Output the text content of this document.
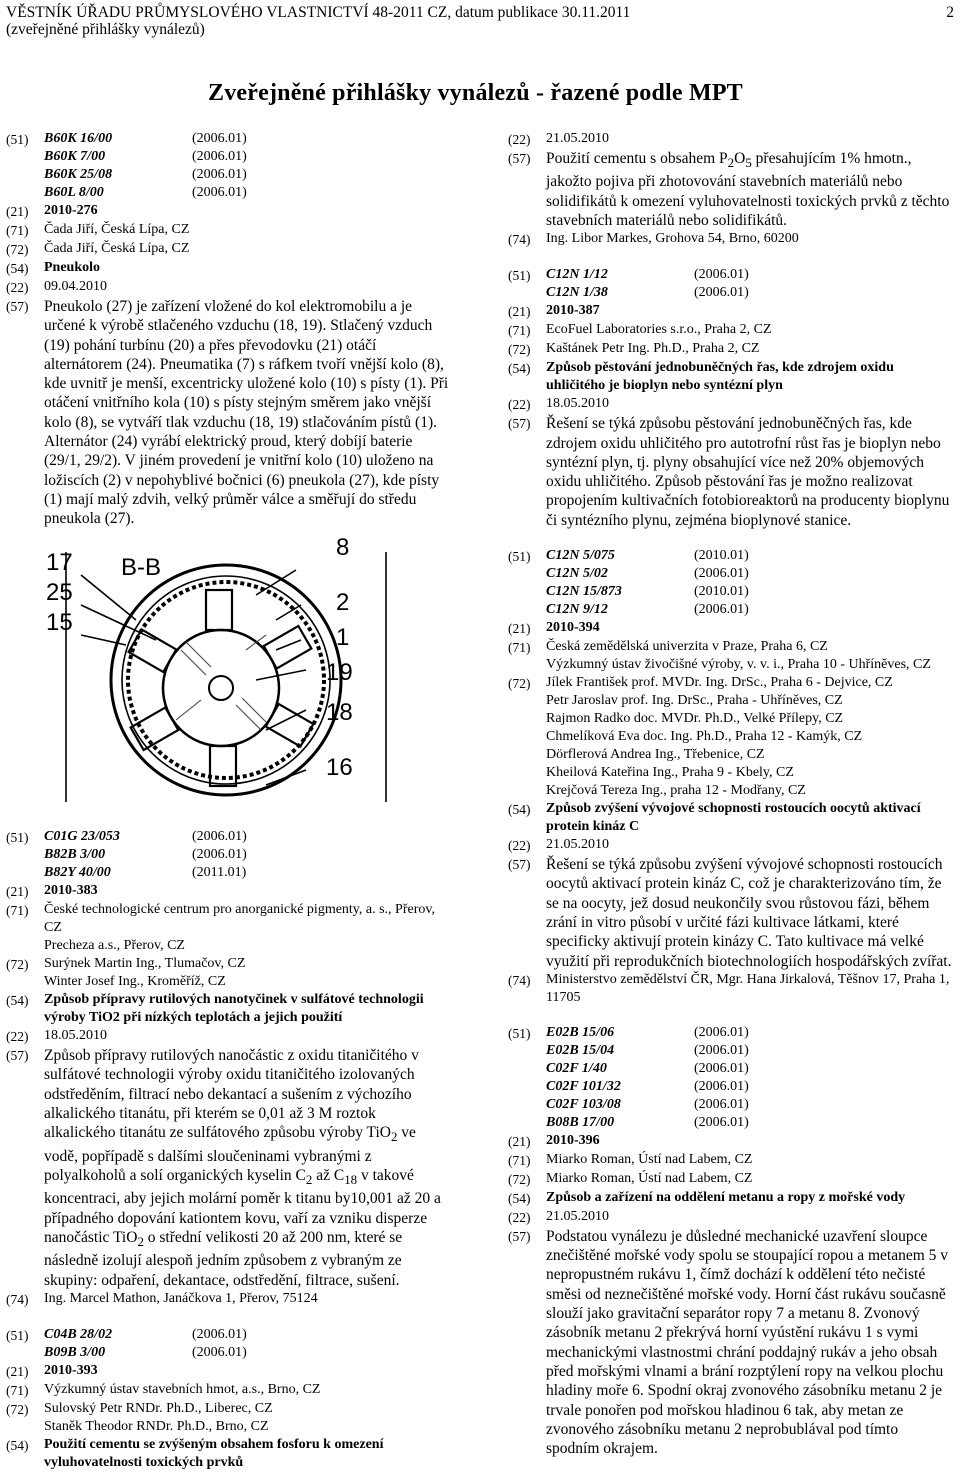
VĚSTNÍK ÚŘADU PRŮMYSLOVÉHO VLASTNICTVÍ 48-2011 CZ, datum publikace 30.11.2011
(zveřejněné přihlášky vynálezů)
2
Zveřejněné přihlášky vynálezů - řazené podle MPT
(51)	B60K 16/00	(2006.01)
B60K 7/00	(2006.01)
B60K 25/08	(2006.01)
B60L 8/00	(2006.01)
(21)	2010-276
(71)	Čada Jiří, Česká Lípa, CZ
(72)	Čada Jiří, Česká Lípa, CZ
(54)	Pneukolo
(22)	09.04.2010
(57)	Pneukolo (27) je zařízení vložené do kol elektromobilu a je určené k výrobě stlačeného vzduchu (18, 19). Stlačený vzduch (19) pohání turbínu (20) a přes převodovku (21) otáčí alternátorem (24). Pneumatika (7) s ráfkem tvoří vnější kolo (8), kde uvnitř je menší, excentricky uložené kolo (10) s písty (1). Při otáčení vnitřního kola (10) s písty stejným směrem jako vnější kolo (8), se vytváří tlak vzduchu (18, 19) stlačováním pístů (1). Alternátor (24) vyrábí elektrický proud, který dobíjí baterie (29/1, 29/2). V jiném provedení je vnitřní kolo (10) uloženo na ložiscích (2) v nepohyblivé bočnici (6) pneukola (27), kde písty (1) mají malý zdvih, velký průměr válce a směřují do středu pneukola (27).
B-B
17
25
15
8
2
1
19
18
16
(51)	C01G 23/053	(2006.01)
B82B 3/00	(2006.01)
B82Y 40/00	(2011.01)
(21)	2010-383
(71)	České technologické centrum pro anorganické pigmenty, a. s., Přerov, CZ
Precheza a.s., Přerov, CZ
(72)	Surýnek Martin Ing., Tlumačov, CZ
Winter Josef Ing., Kroměříž, CZ
(54)	Způsob přípravy rutilových nanotyčinek v sulfátové technologii výroby TiO2 při nízkých teplotách a jejich použití
(22)	18.05.2010
(57)	Způsob přípravy rutilových nanočástic z oxidu titaničitého v sulfátové technologii výroby oxidu titaničitého izolovaných odstředěním, filtrací nebo dekantací a sušením z výchozího alkalického titanátu, při kterém se 0,01 až 3 M roztok alkalického titanátu ze sulfátového způsobu výroby TiO$_2$ ve vodě, popřípadě s dalšími sloučeninami vybranými z polyalkoholů a solí organických kyselin $C_2$ až $C_{18}$ v takové koncentraci, aby jejich molární poměr k titanu by10,001 až 20 a případného dopování kationtem kovu, vaří za vzniku disperze nanočástic TiO$_2$ o střední velikosti 20 až 200 nm, které se následně izolují alespoň jedním způsobem z vybraným ze skupiny: odpaření, dekantace, odstředění, filtrace, sušení.
(74)	Ing. Marcel Mathon, Janáčkova 1, Přerov, 75124
(51)	C04B 28/02	(2006.01)
B09B 3/00	(2006.01)
(21)	2010-393
(71)	Výzkumný ústav stavebních hmot, a.s., Brno, CZ
(72)	Sulovský Petr RNDr. Ph.D., Liberec, CZ
Staněk Theodor RNDr. Ph.D., Brno, CZ
(54)	Použití cementu se zvýšeným obsahem fosforu k omezení vyluhovatelnosti toxických prvků
(22)	21.05.2010
(57)	Použití cementu s obsahem $P_2O_5$ přesahujícím 1% hmotn., jakožto pojiva při zhotovování stavebních materiálů nebo solidifikátů k omezení vyluhovatelnosti toxických prvků z těchto stavebních materiálů nebo solidifikátů.
(74)	Ing. Libor Markes, Grohova 54, Brno, 60200
(51)	C12N 1/12	(2006.01)
C12N 1/38	(2006.01)
(21)	2010-387
(71)	EcoFuel Laboratories s.r.o., Praha 2, CZ
(72)	Kaštánek Petr Ing. Ph.D., Praha 2, CZ
(54)	Způsob pěstování jednobuněčných řas, kde zdrojem oxidu uhličitého je bioplyn nebo syntézní plyn
(22)	18.05.2010
(57)	Řešení se týká způsobu pěstování jednobuněčných řas, kde zdrojem oxidu uhličitého pro autotrofní růst řas je bioplyn nebo syntézní plyn, tj. plyny obsahující více než 20% objemových oxidu uhličitého. Způsob pěstování řas je možno realizovat propojením kultivačních fotobioreaktorů na producenty bioplynu či syntézního plynu, zejména bioplynové stanice.
(51)	C12N 5/075	(2010.01)
C12N 5/02	(2006.01)
C12N 15/873	(2010.01)
C12N 9/12	(2006.01)
(21)	2010-394
(71)	Česká zemědělská univerzita v Praze, Praha 6, CZ
Výzkumný ústav živočišné výroby, v. v. i., Praha 10 - Uhříněves, CZ
(72)	Jílek František prof. MVDr. Ing. DrSc., Praha 6 - Dejvice, CZ
Petr Jaroslav prof. Ing. DrSc., Praha - Uhříněves, CZ
Rajmon Radko doc. MVDr. Ph.D., Velké Přílepy, CZ
Chmelíková Eva doc. Ing. Ph.D., Praha 12 - Kamýk, CZ
Dörflerová Andrea Ing., Třebenice, CZ
Kheilová Kateřina Ing., Praha 9 - Kbely, CZ
Krejčová Tereza Ing., praha 12 - Modřany, CZ
(54)	Způsob zvýšení vývojové schopnosti rostoucích oocytů aktivací protein kináz C
(22)	21.05.2010
(57)	Řešení se týká způsobu zvýšení vývojové schopnosti rostoucích oocytů aktivací protein kináz C, což je charakterizováno tím, že se na oocyty, jež dosud neukončily svou růstovou fázi, během zrání in vitro působí v určité fázi kultivace látkami, které specificky aktivují protein kinázy C. Tato kultivace má velké využití při reprodukčních biotechnologiích hospodářských zvířat.
(74)	Ministerstvo zemědělství ČR, Mgr. Hana Jirkalová, Těšnov 17, Praha 1, 11705
(51)	E02B 15/06	(2006.01)
E02B 15/04	(2006.01)
C02F 1/40	(2006.01)
C02F 101/32	(2006.01)
C02F 103/08	(2006.01)
B08B 17/00	(2006.01)
(21)	2010-396
(71)	Miarko Roman, Ústí nad Labem, CZ
(72)	Miarko Roman, Ústí nad Labem, CZ
(54)	Způsob a zařízení na oddělení metanu a ropy z mořské vody
(22)	21.05.2010
(57)	Podstatou vynálezu je důsledné mechanické uzavření sloupce znečištěné mořské vody spolu se stoupající ropou a metanem 5 v nepropustném rukávu 1, čímž dochází k oddělení této nečisté směsi od neznečištěné mořské vody. Horní část rukávu současně slouží jako gravitační separátor ropy 7 a metanu 8. Zvonový zásobník metanu 2 překrývá horní vyústění rukávu 1 s vymi mechanickými vlastnostmi chrání poddajný rukáv a jeho obsah před mořskými vlnami a brání rozptýlení ropy na velkou plochu hladiny moře 6. Spodní okraj zvonového zásobníku metanu 2 je trvale ponořen pod mořskou hladinou 6 tak, aby metan ze zvonového zásobníku metanu 2 neprobublával pod tímto spodním okrajem.
